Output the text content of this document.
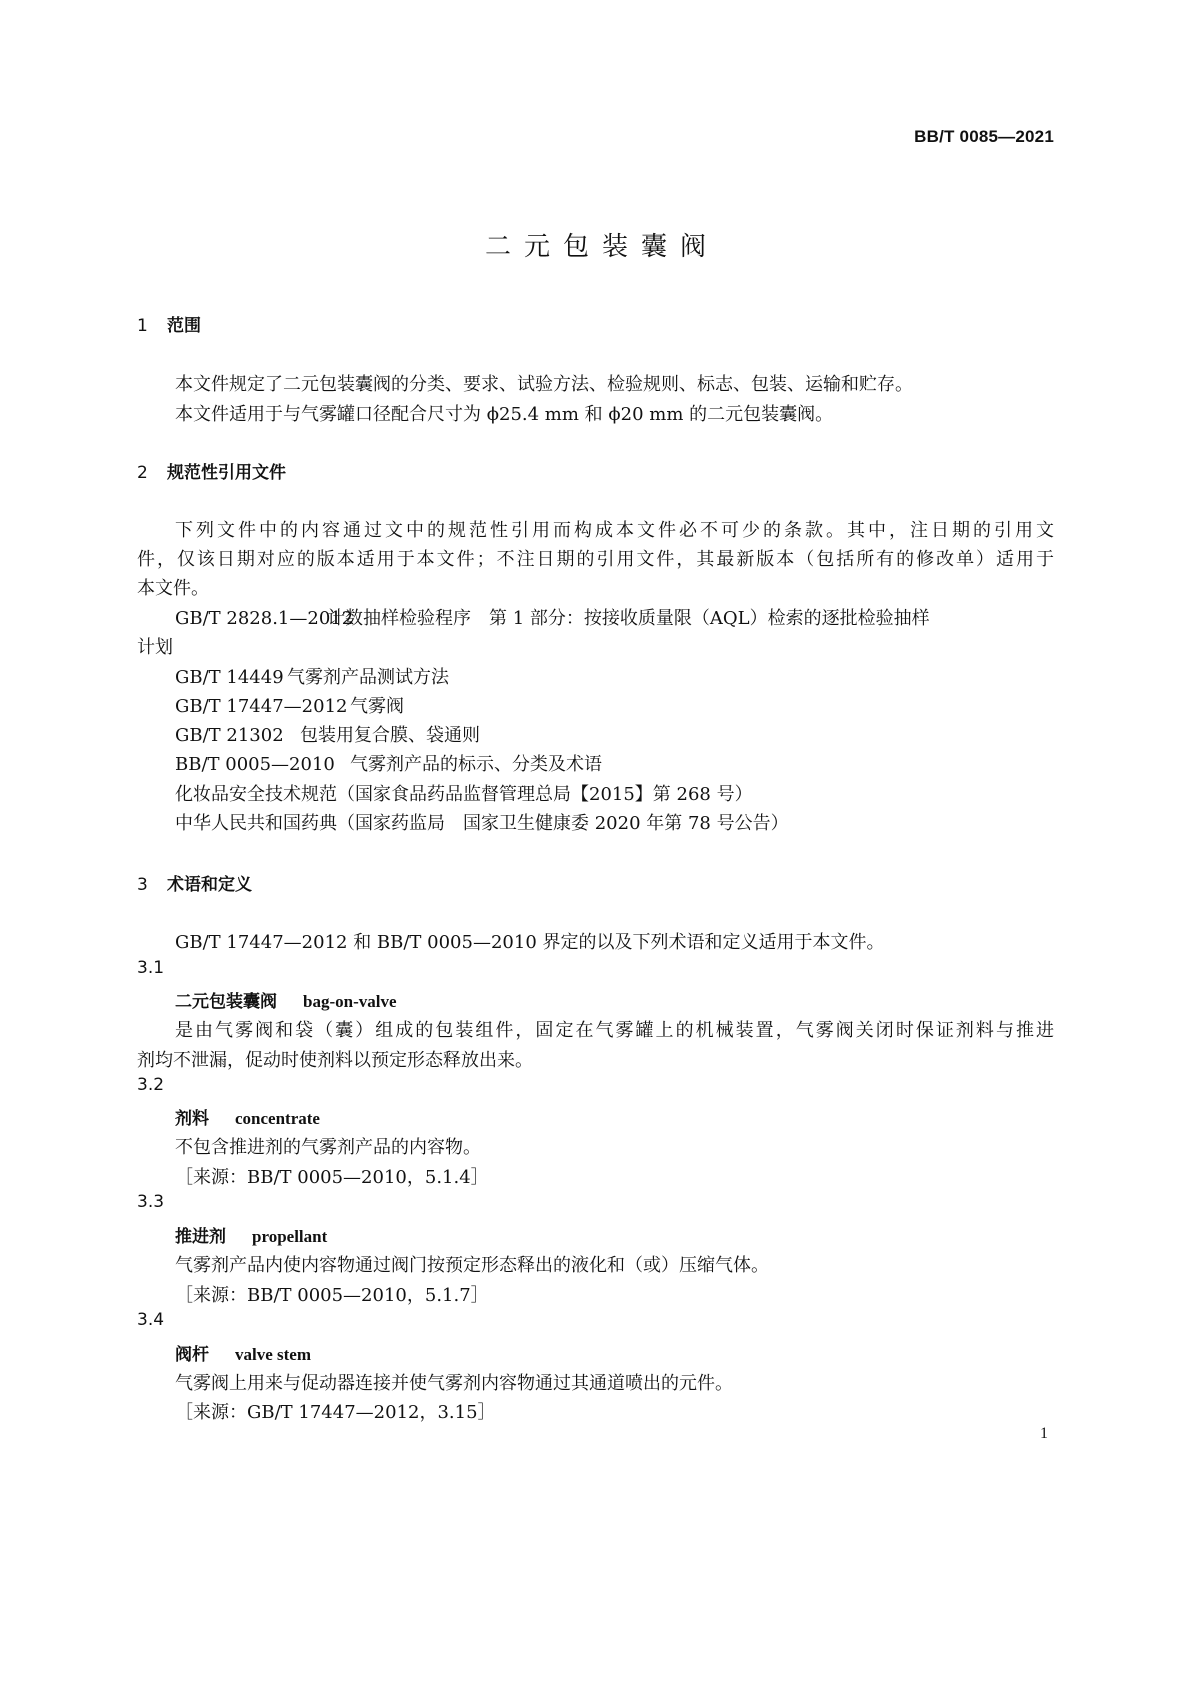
BB/T 0085—2021
二元包装囊阀
1 范围
本文件规定了二元包装囊阀的分类、要求、试验方法、检验规则、标志、包装、运输和贮存。
本文件适用于与气雾罐口径配合尺寸为 ϕ25.4 mm 和 ϕ20 mm 的二元包装囊阀。
2 规范性引用文件
下列文件中的内容通过文中的规范性引用而构成本文件必不可少的条款。其中，注日期的引用文
件，仅该日期对应的版本适用于本文件；不注日期的引用文件，其最新版本（包括所有的修改单）适用于
本文件。
GB/T 2828.1—2012计数抽样检验程序　第 1 部分：按接收质量限（AQL）检索的逐批检验抽样
计划
GB/T 14449 气雾剂产品测试方法
GB/T 17447—2012 气雾阀
GB/T 21302 包装用复合膜、袋通则
BB/T 0005—2010 气雾剂产品的标示、分类及术语
化妆品安全技术规范（国家食品药品监督管理总局【2015】第 268 号）
中华人民共和国药典（国家药监局　国家卫生健康委 2020 年第 78 号公告）
3 术语和定义
GB/T 17447—2012 和 BB/T 0005—2010 界定的以及下列术语和定义适用于本文件。
3.1
二元包装囊阀 bag-on-valve
是由气雾阀和袋（囊）组成的包装组件，固定在气雾罐上的机械装置，气雾阀关闭时保证剂料与推进
剂均不泄漏，促动时使剂料以预定形态释放出来。
3.2
剂料 concentrate
不包含推进剂的气雾剂产品的内容物。
［来源：BB/T 0005—2010，5.1.4］
3.3
推进剂 propellant
气雾剂产品内使内容物通过阀门按预定形态释出的液化和（或）压缩气体。
［来源：BB/T 0005—2010，5.1.7］
3.4
阀杆 valve stem
气雾阀上用来与促动器连接并使气雾剂内容物通过其通道喷出的元件。
［来源：GB/T 17447—2012，3.15］
1
